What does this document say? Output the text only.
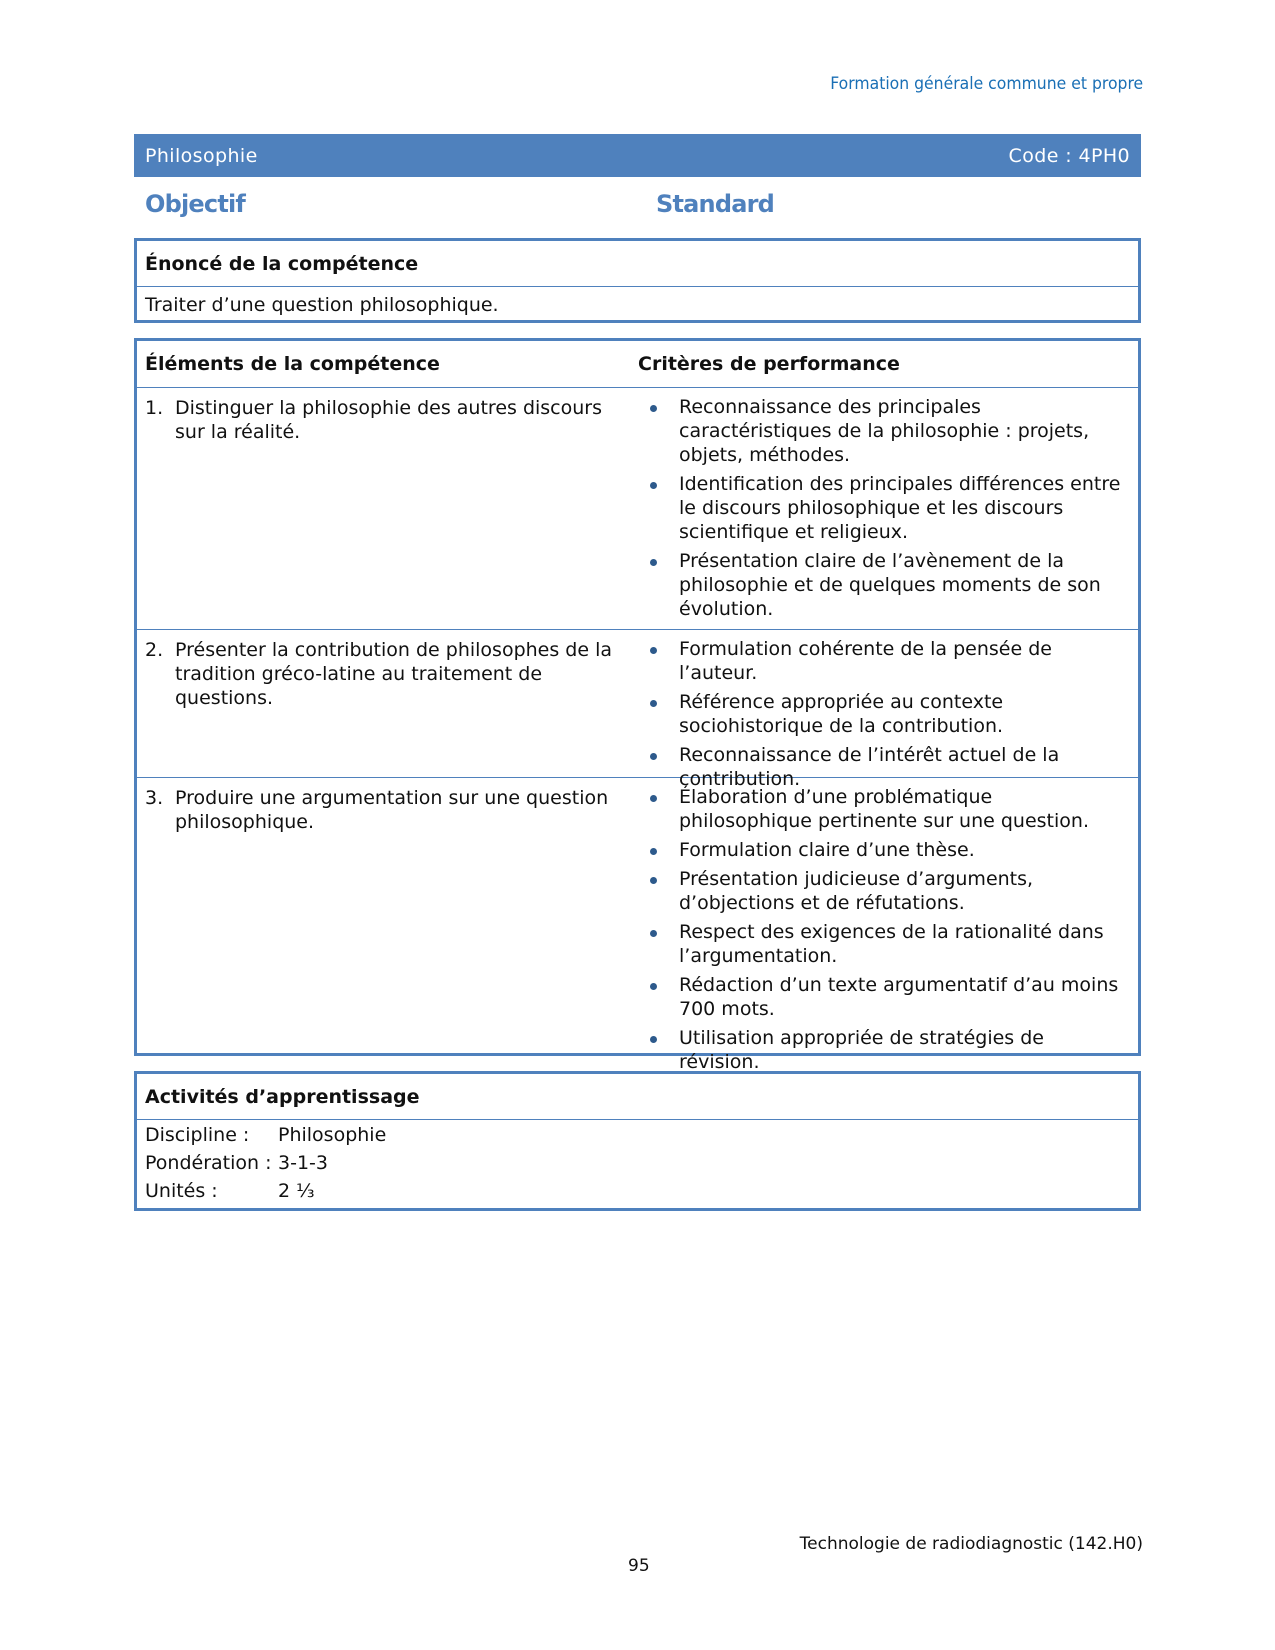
Formation générale commune et propre
Philosophie	Code : 4PH0
Objectif	Standard
Énoncé de la compétence
Traiter d’une question philosophique.
Éléments de la compétence	Critères de performance
1. Distinguer la philosophie des autres discours sur la réalité.
Reconnaissance des principales caractéristiques de la philosophie : projets, objets, méthodes.
Identification des principales différences entre le discours philosophique et les discours scientifique et religieux.
Présentation claire de l’avènement de la philosophie et de quelques moments de son évolution.
2. Présenter la contribution de philosophes de la tradition gréco-latine au traitement de questions.
Formulation cohérente de la pensée de l’auteur.
Référence appropriée au contexte sociohistorique de la contribution.
Reconnaissance de l’intérêt actuel de la contribution.
3. Produire une argumentation sur une question philosophique.
Élaboration d’une problématique philosophique pertinente sur une question.
Formulation claire d’une thèse.
Présentation judicieuse d’arguments, d’objections et de réfutations.
Respect des exigences de la rationalité dans l’argumentation.
Rédaction d’un texte argumentatif d’au moins 700 mots.
Utilisation appropriée de stratégies de révision.
Activités d’apprentissage
Discipline :	Philosophie
Pondération : 3-1-3
Unités :	2 ⅓
Technologie de radiodiagnostic (142.H0)
95
